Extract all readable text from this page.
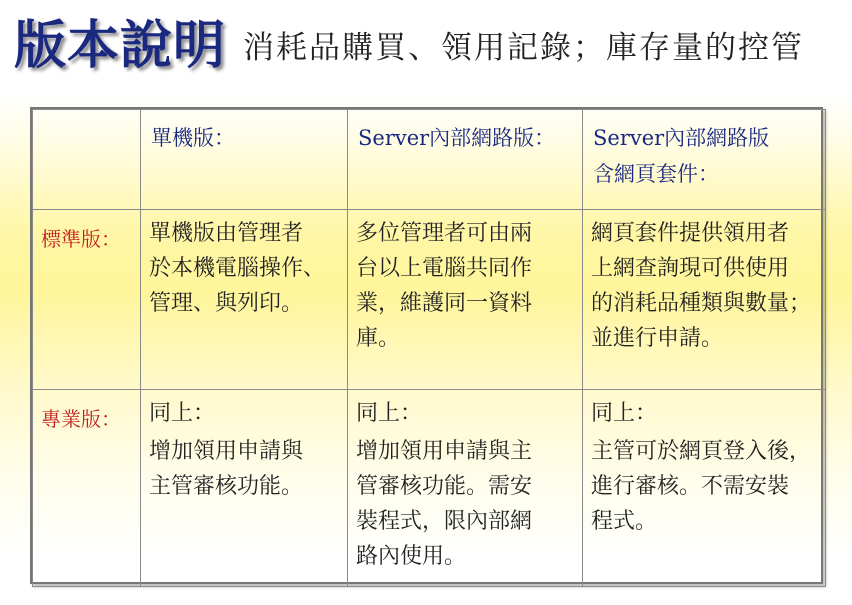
版本說明 消耗品購買、領用記錄；庫存量的控管

	單機版：	Server內部網路版：	Server內部網路版
含網頁套件：

標準版：	單機版由管理者
於本機電腦操作、
管理、與列印。	多位管理者可由兩
台以上電腦共同作
業，維護同一資料
庫。	網頁套件提供領用者
上網查詢現可供使用
的消耗品種類與數量；
並進行申請。

專業版：	同上：
增加領用申請與
主管審核功能。	同上：
增加領用申請與主
管審核功能。需安
裝程式，限內部網
路內使用。	同上：
主管可於網頁登入後，
進行審核。不需安裝
程式。
